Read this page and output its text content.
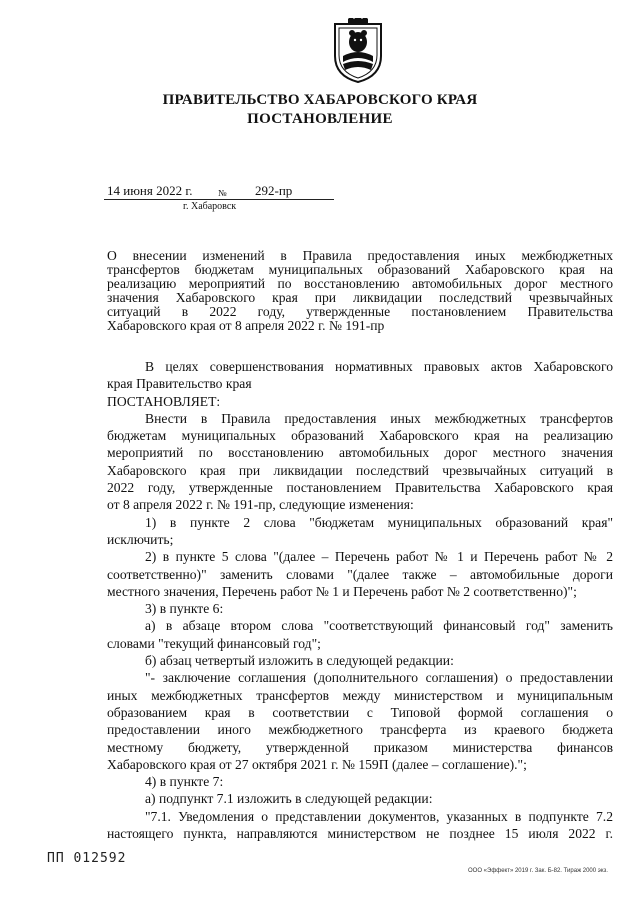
ПРАВИТЕЛЬСТВО ХАБАРОВСКОГО КРАЯ
ПОСТАНОВЛЕНИЕ
14 июня 2022 г.	№ 292-пр
г. Хабаровск
О внесении изменений в Правила предоставления иных межбюджетных
трансфертов бюджетам муниципальных образований Хабаровского края на
реализацию мероприятий по восстановлению автомобильных дорог местного
значения Хабаровского края при ликвидации последствий чрезвычайных
ситуаций в 2022 году, утвержденные постановлением Правительства
Хабаровского края от 8 апреля 2022 г. № 191-пр
В целях совершенствования нормативных правовых актов Хабаровского
края Правительство края
ПОСТАНОВЛЯЕТ:
Внести в Правила предоставления иных межбюджетных трансфертов
бюджетам муниципальных образований Хабаровского края на реализацию
мероприятий по восстановлению автомобильных дорог местного значения
Хабаровского края при ликвидации последствий чрезвычайных ситуаций в
2022 году, утвержденные постановлением Правительства Хабаровского края
от 8 апреля 2022 г. № 191-пр, следующие изменения:
1) в пункте 2 слова "бюджетам муниципальных образований края"
исключить;
2) в пункте 5 слова "(далее – Перечень работ № 1 и Перечень работ № 2
соответственно)" заменить словами "(далее также – автомобильные дороги
местного значения, Перечень работ № 1 и Перечень работ № 2 соответственно)";
3) в пункте 6:
а) в абзаце втором слова "соответствующий финансовый год" заменить
словами "текущий финансовый год";
б) абзац четвертый изложить в следующей редакции:
"- заключение соглашения (дополнительного соглашения) о предоставлении
иных межбюджетных трансфертов между министерством и муниципальным
образованием края в соответствии с Типовой формой соглашения о
предоставлении иного межбюджетного трансферта из краевого бюджета
местному бюджету, утвержденной приказом министерства финансов
Хабаровского края от 27 октября 2021 г. № 159П (далее – соглашение).";
4) в пункте 7:
а) подпункт 7.1 изложить в следующей редакции:
"7.1. Уведомления о представлении документов, указанных в подпункте 7.2
настоящего пункта, направляются министерством не позднее 15 июля 2022 г.
ПП 012592
ООО «Эффект» 2019 г. Зак. Б-82. Тираж 2000 экз.
